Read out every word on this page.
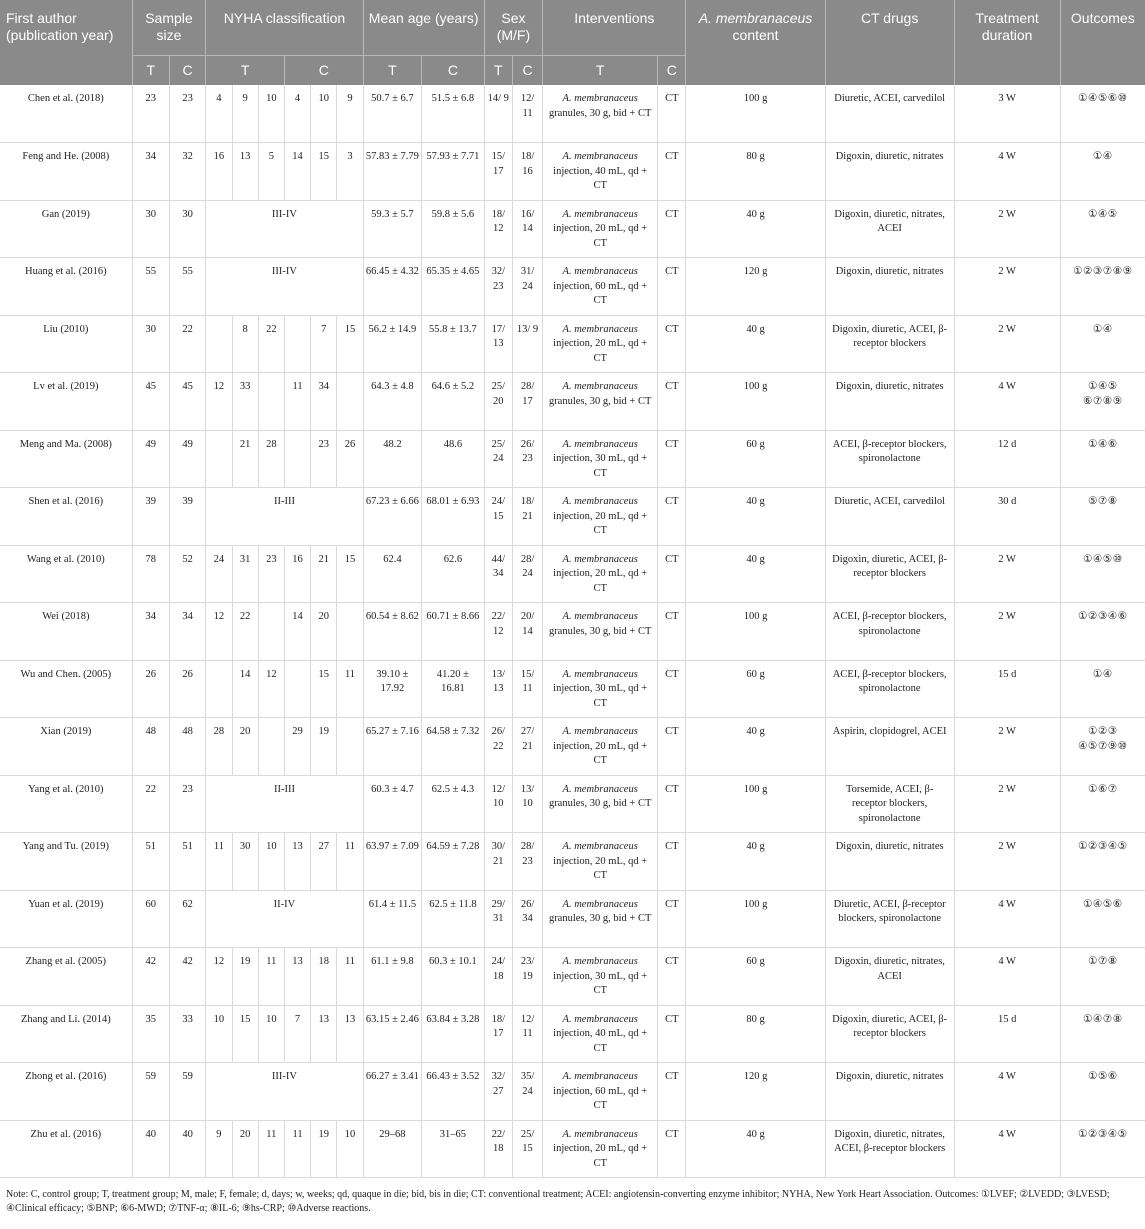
First author (publication year)	Sample size		NYHA classification						Mean age (years)		Sex (M/F)		Interventions		A. membranaceus content	CT drugs	Treatment duration	Outcomes
	T	C	T			C			T	C	T	C	T	C				
Chen et al. (2018)	23	23	4	9	10	4	10	9	50.7 ± 6.7	51.5 ± 6.8	14/ 9	12/ 11	A. membranaceus granules, 30 g, bid + CT	CT	100 g	Diuretic, ACEI, carvedilol	3 W	①④⑤⑥⑩
Feng and He. (2008)	34	32	16	13	5	14	15	3	57.83 ± 7.79	57.93 ± 7.71	15/ 17	18/ 16	A. membranaceus injection, 40 mL, qd + CT	CT	80 g	Digoxin, diuretic, nitrates	4 W	①④
Gan (2019)	30	30	III-IV						59.3 ± 5.7	59.8 ± 5.6	18/ 12	16/ 14	A. membranaceus injection, 20 mL, qd + CT	CT	40 g	Digoxin, diuretic, nitrates, ACEI	2 W	①④⑤
Huang et al. (2016)	55	55	III-IV						66.45 ± 4.32	65.35 ± 4.65	32/ 23	31/ 24	A. membranaceus injection, 60 mL, qd + CT	CT	120 g	Digoxin, diuretic, nitrates	2 W	①②③⑦⑧⑨
Liu (2010)	30	22		8	22		7	15	56.2 ± 14.9	55.8 ± 13.7	17/ 13	13/ 9	A. membranaceus injection, 20 mL, qd + CT	CT	40 g	Digoxin, diuretic, ACEI, β-receptor blockers	2 W	①④
Lv et al. (2019)	45	45	12	33		11	34		64.3 ± 4.8	64.6 ± 5.2	25/ 20	28/ 17	A. membranaceus granules, 30 g, bid + CT	CT	100 g	Digoxin, diuretic, nitrates	4 W	①④⑤ ⑥⑦⑧⑨
Meng and Ma. (2008)	49	49		21	28		23	26	48.2	48.6	25/ 24	26/ 23	A. membranaceus injection, 30 mL, qd + CT	CT	60 g	ACEI, β-receptor blockers, spironolactone	12 d	①④⑥
Shen et al. (2016)	39	39	II-III						67.23 ± 6.66	68.01 ± 6.93	24/ 15	18/ 21	A. membranaceus injection, 20 mL, qd + CT	CT	40 g	Diuretic, ACEI, carvedilol	30 d	⑤⑦⑧
Wang et al. (2010)	78	52	24	31	23	16	21	15	62.4	62.6	44/ 34	28/ 24	A. membranaceus injection, 20 mL, qd + CT	CT	40 g	Digoxin, diuretic, ACEI, β-receptor blockers	2 W	①④⑤⑩
Wei (2018)	34	34	12	22		14	20		60.54 ± 8.62	60.71 ± 8.66	22/ 12	20/ 14	A. membranaceus granules, 30 g, bid + CT	CT	100 g	ACEI, β-receptor blockers, spironolactone	2 W	①②③④⑥
Wu and Chen. (2005)	26	26		14	12		15	11	39.10 ± 17.92	41.20 ± 16.81	13/ 13	15/ 11	A. membranaceus injection, 30 mL, qd + CT	CT	60 g	ACEI, β-receptor blockers, spironolactone	15 d	①④
Xian (2019)	48	48	28	20		29	19		65.27 ± 7.16	64.58 ± 7.32	26/ 22	27/ 21	A. membranaceus injection, 20 mL, qd + CT	CT	40 g	Aspirin, clopidogrel, ACEI	2 W	①②③ ④⑤⑦⑨⑩
Yang et al. (2010)	22	23	II-III						60.3 ± 4.7	62.5 ± 4.3	12/ 10	13/ 10	A. membranaceus granules, 30 g, bid + CT	CT	100 g	Torsemide, ACEI, β-receptor blockers, spironolactone	2 W	①⑥⑦
Yang and Tu. (2019)	51	51	11	30	10	13	27	11	63.97 ± 7.09	64.59 ± 7.28	30/ 21	28/ 23	A. membranaceus injection, 20 mL, qd + CT	CT	40 g	Digoxin, diuretic, nitrates	2 W	①②③④⑤
Yuan et al. (2019)	60	62	II-IV						61.4 ± 11.5	62.5 ± 11.8	29/ 31	26/ 34	A. membranaceus granules, 30 g, bid + CT	CT	100 g	Diuretic, ACEI, β-receptor blockers, spironolactone	4 W	①④⑤⑥
Zhang et al. (2005)	42	42	12	19	11	13	18	11	61.1 ± 9.8	60.3 ± 10.1	24/ 18	23/ 19	A. membranaceus injection, 30 mL, qd + CT	CT	60 g	Digoxin, diuretic, nitrates, ACEI	4 W	①⑦⑧
Zhang and Li. (2014)	35	33	10	15	10	7	13	13	63.15 ± 2.46	63.84 ± 3.28	18/ 17	12/ 11	A. membranaceus injection, 40 mL, qd + CT	CT	80 g	Digoxin, diuretic, ACEI, β-receptor blockers	15 d	①④⑦⑧
Zhong et al. (2016)	59	59	III-IV						66.27 ± 3.41	66.43 ± 3.52	32/ 27	35/ 24	A. membranaceus injection, 60 mL, qd + CT	CT	120 g	Digoxin, diuretic, nitrates	4 W	①⑤⑥
Zhu et al. (2016)	40	40	9	20	11	11	19	10	29–68	31–65	22/ 18	25/ 15	A. membranaceus injection, 20 mL, qd + CT	CT	40 g	Digoxin, diuretic, nitrates, ACEI, β-receptor blockers	4 W	①②③④⑤
Note: C, control group; T, treatment group; M, male; F, female; d, days; w, weeks; qd, quaque in die; bid, bis in die; CT: conventional treatment; ACEI: angiotensin-converting enzyme inhibitor; NYHA, New York Heart Association. Outcomes: ①LVEF; ②LVEDD; ③LVESD; ④Clinical efficacy; ⑤BNP; ⑥6-MWD; ⑦TNF-α; ⑧IL-6; ⑨hs-CRP; ⑩Adverse reactions.
